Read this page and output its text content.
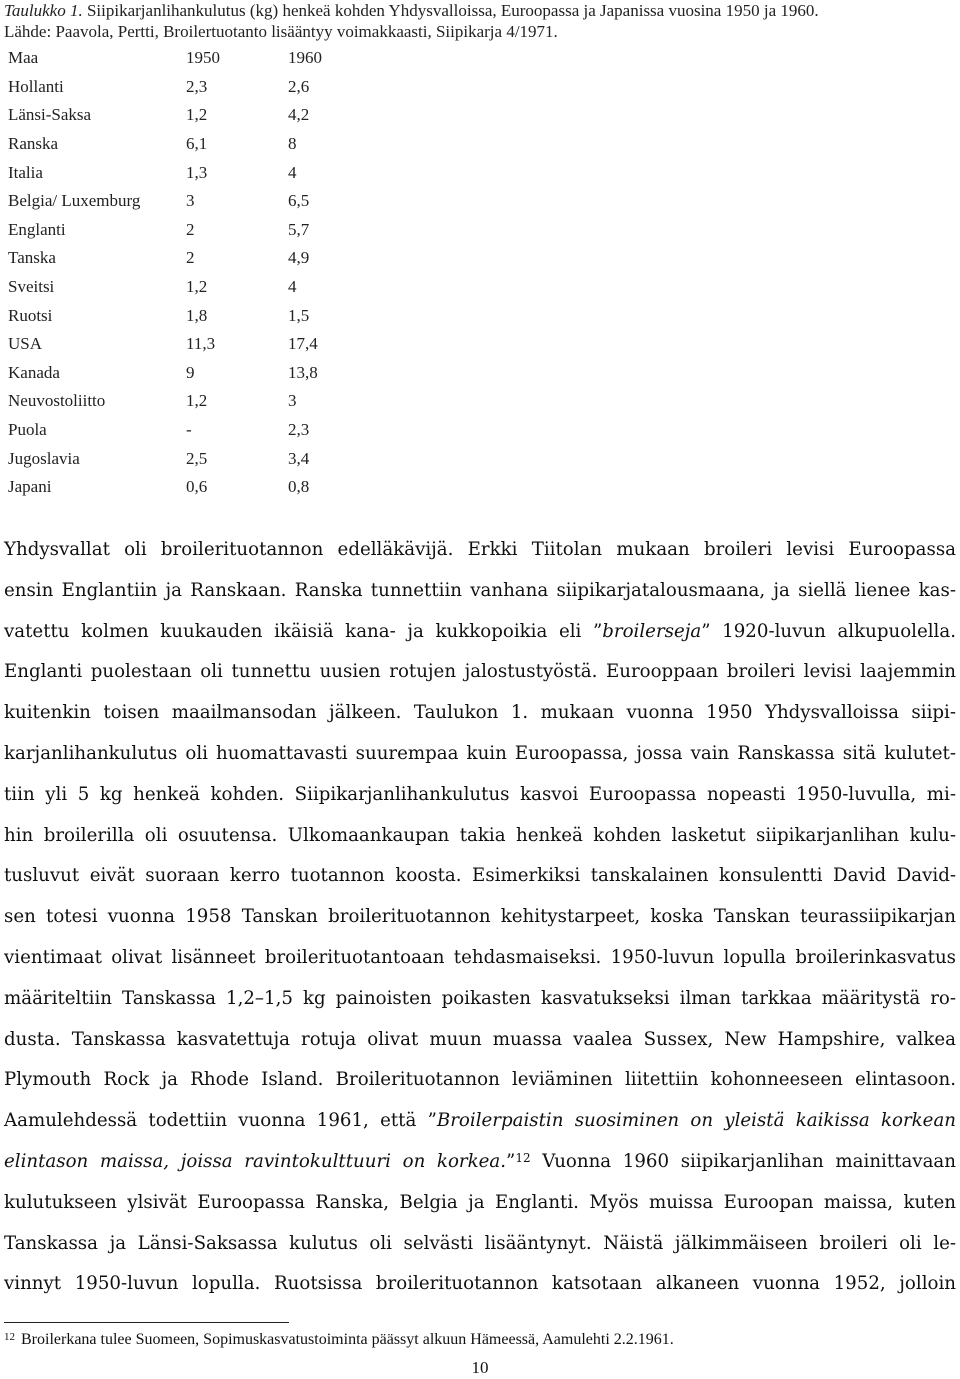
Taulukko 1. Siipikarjanlihankulutus (kg) henkeä kohden Yhdysvalloissa, Euroopassa ja Japanissa vuosina 1950 ja 1960.
Lähde: Paavola, Pertti, Broilertuotanto lisääntyy voimakkaasti, Siipikarja 4/1971.
Maa	1950	1960
Hollanti	2,3	2,6
Länsi-Saksa	1,2	4,2
Ranska	6,1	8
Italia	1,3	4
Belgia/ Luxemburg	3	6,5
Englanti	2	5,7
Tanska	2	4,9
Sveitsi	1,2	4
Ruotsi	1,8	1,5
USA	11,3	17,4
Kanada	9	13,8
Neuvostoliitto	1,2	3
Puola	-	2,3
Jugoslavia	2,5	3,4
Japani	0,6	0,8
Yhdysvallat oli broilerituotannon edelläkävijä. Erkki Tiitolan mukaan broileri levisi Euroopassa
ensin Englantiin ja Ranskaan. Ranska tunnettiin vanhana siipikarjatalousmaana, ja siellä lienee kas-
vatettu kolmen kuukauden ikäisiä kana- ja kukkopoikia eli ”broilerseja” 1920-luvun alkupuolella.
Englanti puolestaan oli tunnettu uusien rotujen jalostustyöstä. Eurooppaan broileri levisi laajemmin
kuitenkin toisen maailmansodan jälkeen. Taulukon 1. mukaan vuonna 1950 Yhdysvalloissa siipi-
karjanlihankulutus oli huomattavasti suurempaa kuin Euroopassa, jossa vain Ranskassa sitä kulutet-
tiin yli 5 kg henkeä kohden. Siipikarjanlihankulutus kasvoi Euroopassa nopeasti 1950-luvulla, mi-
hin broilerilla oli osuutensa. Ulkomaankaupan takia henkeä kohden lasketut siipikarjanlihan kulu-
tusluvut eivät suoraan kerro tuotannon koosta. Esimerkiksi tanskalainen konsulentti David David-
sen totesi vuonna 1958 Tanskan broilerituotannon kehitystarpeet, koska Tanskan teurassiipikarjan
vientimaat olivat lisänneet broilerituotantoaan tehdasmaiseksi. 1950-luvun lopulla broilerinkasvatus
määriteltiin Tanskassa 1,2–1,5 kg painoisten poikasten kasvatukseksi ilman tarkkaa määritystä ro-
dusta. Tanskassa kasvatettuja rotuja olivat muun muassa vaalea Sussex, New Hampshire, valkea
Plymouth Rock ja Rhode Island. Broilerituotannon leviäminen liitettiin kohonneeseen elintasoon.
Aamulehdessä todettiin vuonna 1961, että ”Broilerpaistin suosiminen on yleistä kaikissa korkean
elintason maissa, joissa ravintokulttuuri on korkea.”$^{12}$ Vuonna 1960 siipikarjanlihan mainittavaan
kulutukseen ylsivät Euroopassa Ranska, Belgia ja Englanti. Myös muissa Euroopan maissa, kuten
Tanskassa ja Länsi-Saksassa kulutus oli selvästi lisääntynyt. Näistä jälkimmäiseen broileri oli le-
vinnyt 1950-luvun lopulla. Ruotsissa broilerituotannon katsotaan alkaneen vuonna 1952, jolloin
$^{12}$ Broilerkana tulee Suomeen, Sopimuskasvatustoiminta päässyt alkuun Hämeessä, Aamulehti 2.2.1961.
10
